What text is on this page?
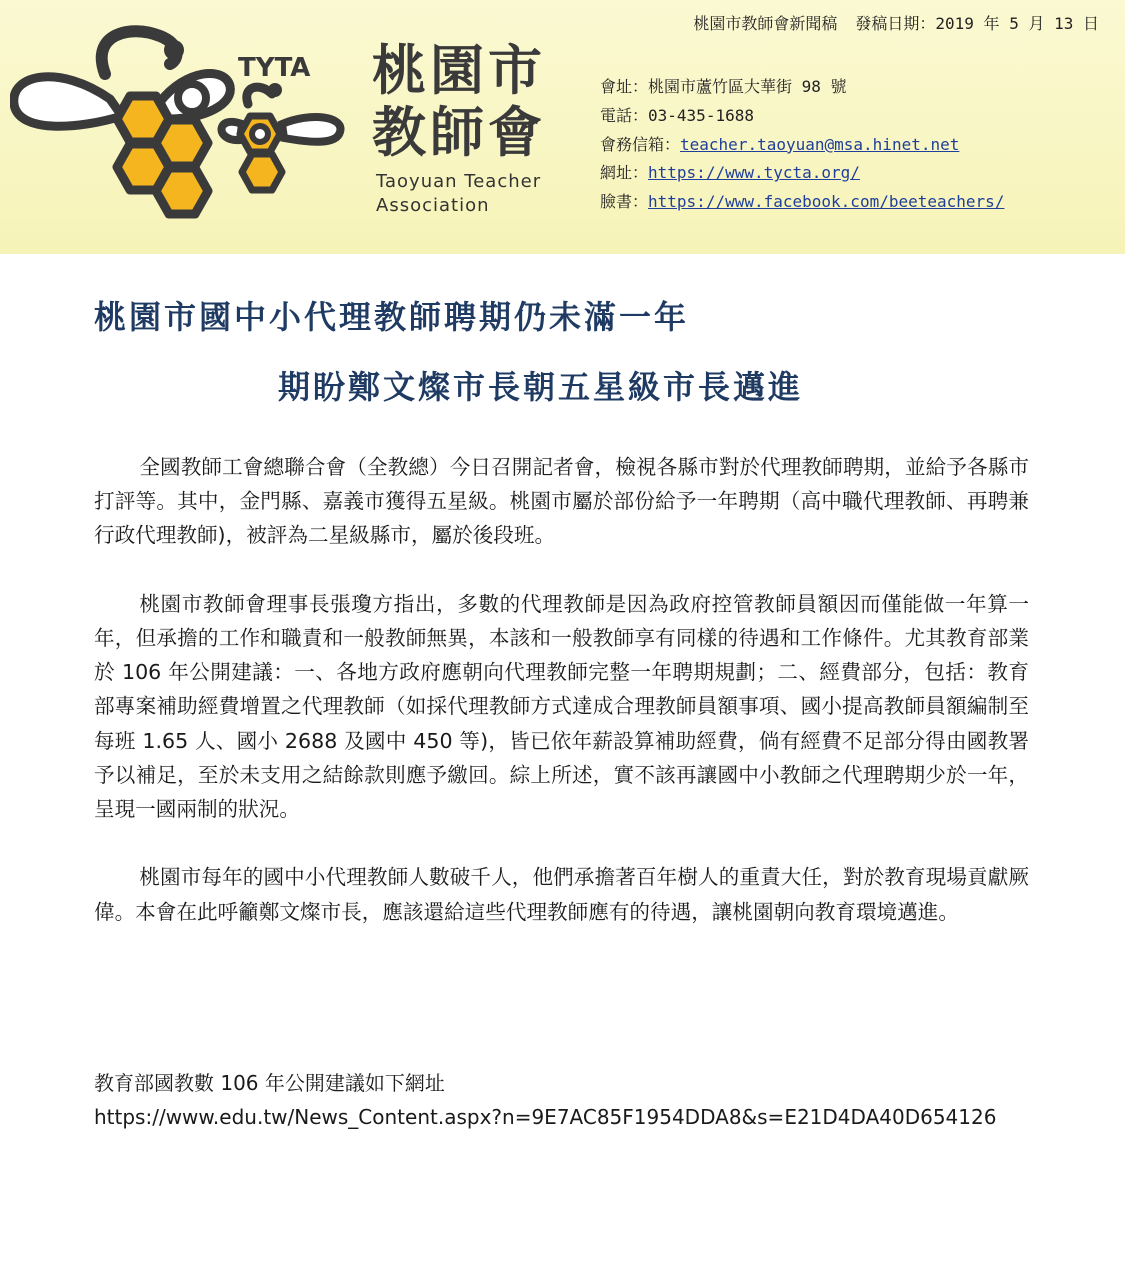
桃園市教師會新聞稿 發稿日期：2019 年 5 月 13 日
TYTA 桃園市
教師會
Taoyuan Teacher
Association
會址：桃園市蘆竹區大華街 98 號
電話：03-435-1688
會務信箱：teacher.taoyuan@msa.hinet.net
網址：https://www.tycta.org/
臉書：https://www.facebook.com/beeteachers/
桃園市國中小代理教師聘期仍未滿一年
期盼鄭文燦市長朝五星級市長邁進

全國教師工會總聯合會（全教總）今日召開記者會，檢視各縣市對於代理教師聘期，並給予各縣市打評等。其中，金門縣、嘉義市獲得五星級。桃園市屬於部份給予一年聘期（高中職代理教師、再聘兼行政代理教師)，被評為二星級縣市，屬於後段班。

桃園市教師會理事長張瓊方指出，多數的代理教師是因為政府控管教師員額因而僅能做一年算一年，但承擔的工作和職責和一般教師無異，本該和一般教師享有同樣的待遇和工作條件。尤其教育部業於 106 年公開建議：一、各地方政府應朝向代理教師完整一年聘期規劃；二、經費部分，包括：教育部專案補助經費增置之代理教師（如採代理教師方式達成合理教師員額事項、國小提高教師員額編制至每班 1.65 人、國小 2688 及國中 450 等)，皆已依年薪設算補助經費，倘有經費不足部分得由國教署予以補足，至於未支用之結餘款則應予繳回。綜上所述，實不該再讓國中小教師之代理聘期少於一年，呈現一國兩制的狀況。

桃園市每年的國中小代理教師人數破千人，他們承擔著百年樹人的重責大任，對於教育現場貢獻厥偉。本會在此呼籲鄭文燦市長，應該還給這些代理教師應有的待遇，讓桃園朝向教育環境邁進。

教育部國教數 106 年公開建議如下網址
https://www.edu.tw/News_Content.aspx?n=9E7AC85F1954DDA8&s=E21D4DA40D654126
